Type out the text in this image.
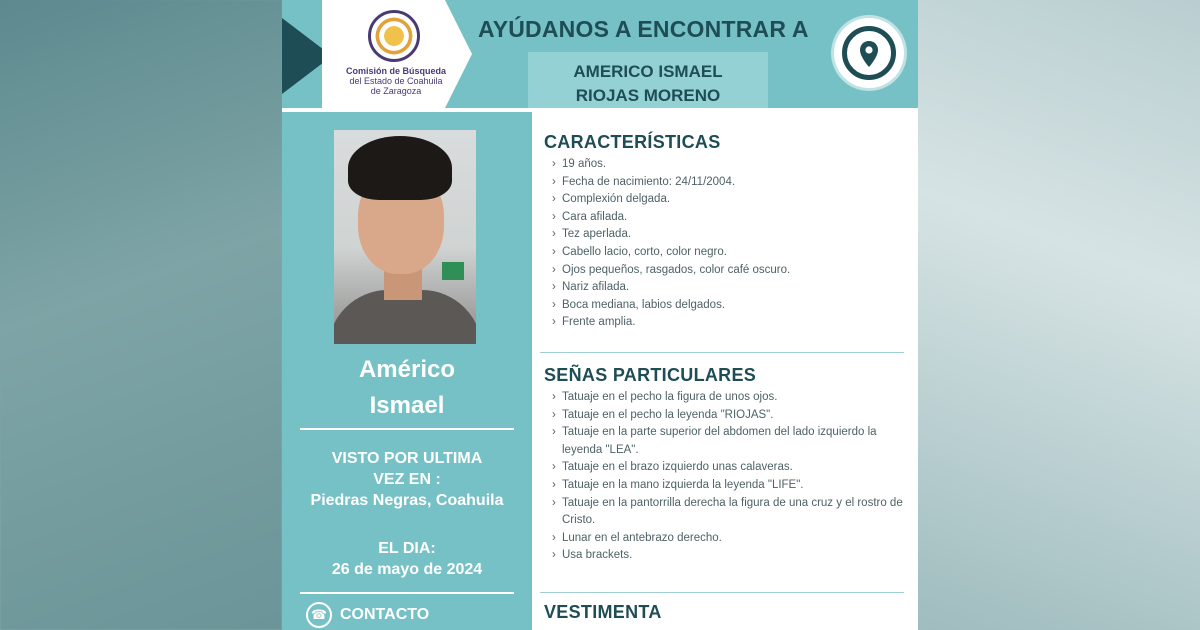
Comisión de Búsqueda
del Estado de Coahuila
de Zaragoza
AYÚDANOS A ENCONTRAR A
AMERICO ISMAEL
RIOJAS MORENO
Américo
Ismael
VISTO POR ULTIMA
VEZ EN :
Piedras Negras, Coahuila
EL DIA:
26 de mayo de 2024
☎ CONTACTO
CARACTERÍSTICAS
› 19 años.
› Fecha de nacimiento: 24/11/2004.
› Complexión delgada.
› Cara afilada.
› Tez aperlada.
› Cabello lacio, corto, color negro.
› Ojos pequeños, rasgados, color café oscuro.
› Nariz afilada.
› Boca mediana, labios delgados.
› Frente amplia.
SEÑAS PARTICULARES
› Tatuaje en el pecho la figura de unos ojos.
› Tatuaje en el pecho la leyenda "RIOJAS".
› Tatuaje en la parte superior del abdomen del lado izquierdo la leyenda "LEA".
› Tatuaje en el brazo izquierdo unas calaveras.
› Tatuaje en la mano izquierda la leyenda "LIFE".
› Tatuaje en la pantorrilla derecha la figura de una cruz y el rostro de Cristo.
› Lunar en el antebrazo derecho.
› Usa brackets.
VESTIMENTA
